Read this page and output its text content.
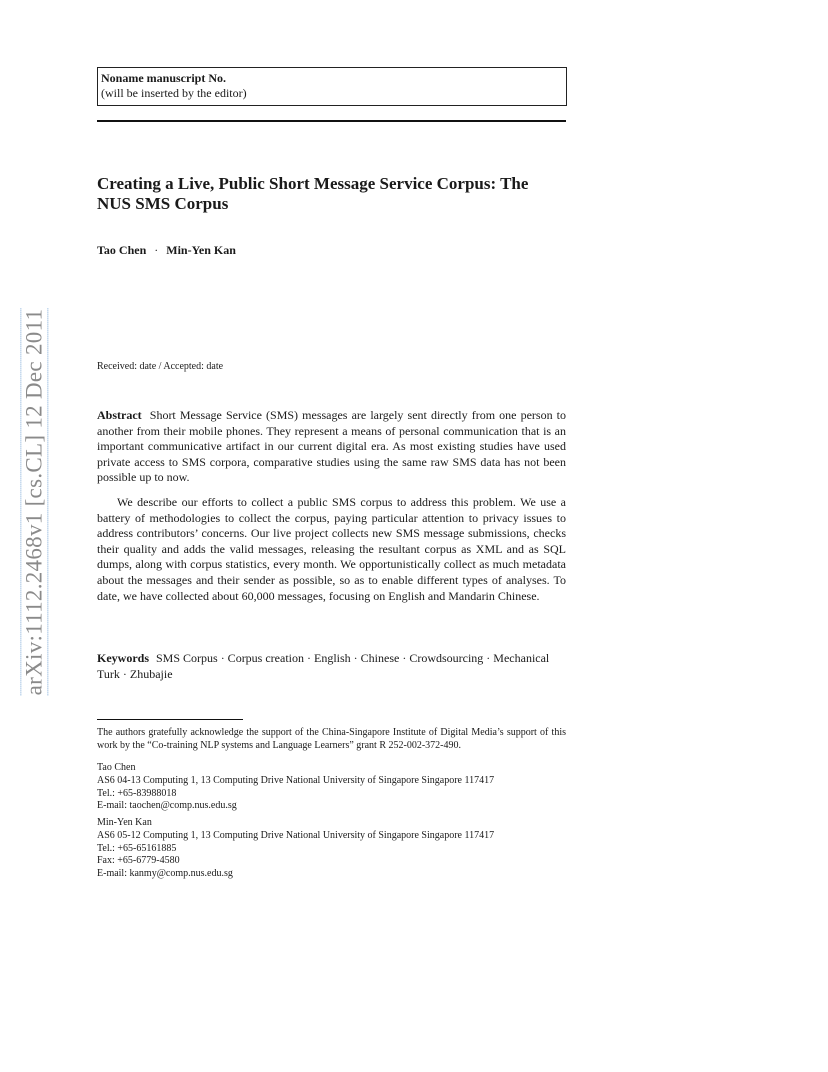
arXiv:1112.2468v1 [cs.CL] 12 Dec 2011
Noname manuscript No.
(will be inserted by the editor)
Creating a Live, Public Short Message Service Corpus: The
NUS SMS Corpus
Tao Chen · Min-Yen Kan
Received: date / Accepted: date

Abstract Short Message Service (SMS) messages are largely sent directly from one person to another from their mobile phones. They represent a means of personal communication that is an important communicative artifact in our current digital era. As most existing studies have used private access to SMS corpora, comparative studies using the same raw SMS data has not been possible up to now.

We describe our efforts to collect a public SMS corpus to address this problem. We use a battery of methodologies to collect the corpus, paying particular attention to privacy issues to address contributors’ concerns. Our live project collects new SMS message submissions, checks their quality and adds the valid messages, releasing the resultant corpus as XML and as SQL dumps, along with corpus statistics, every month. We opportunistically collect as much metadata about the messages and their sender as possible, so as to enable different types of analyses. To date, we have collected about 60,000 messages, focusing on English and Mandarin Chinese.

Keywords SMS Corpus · Corpus creation · English · Chinese · Crowdsourcing · Mechanical Turk · Zhubajie

The authors gratefully acknowledge the support of the China-Singapore Institute of Digital Media’s support of this work by the “Co-training NLP systems and Language Learners” grant R 252-002-372-490.

Tao Chen
AS6 04-13 Computing 1, 13 Computing Drive National University of Singapore Singapore 117417
Tel.: +65-83988018
E-mail: taochen@comp.nus.edu.sg
Min-Yen Kan
AS6 05-12 Computing 1, 13 Computing Drive National University of Singapore Singapore 117417
Tel.: +65-65161885
Fax: +65-6779-4580
E-mail: kanmy@comp.nus.edu.sg
